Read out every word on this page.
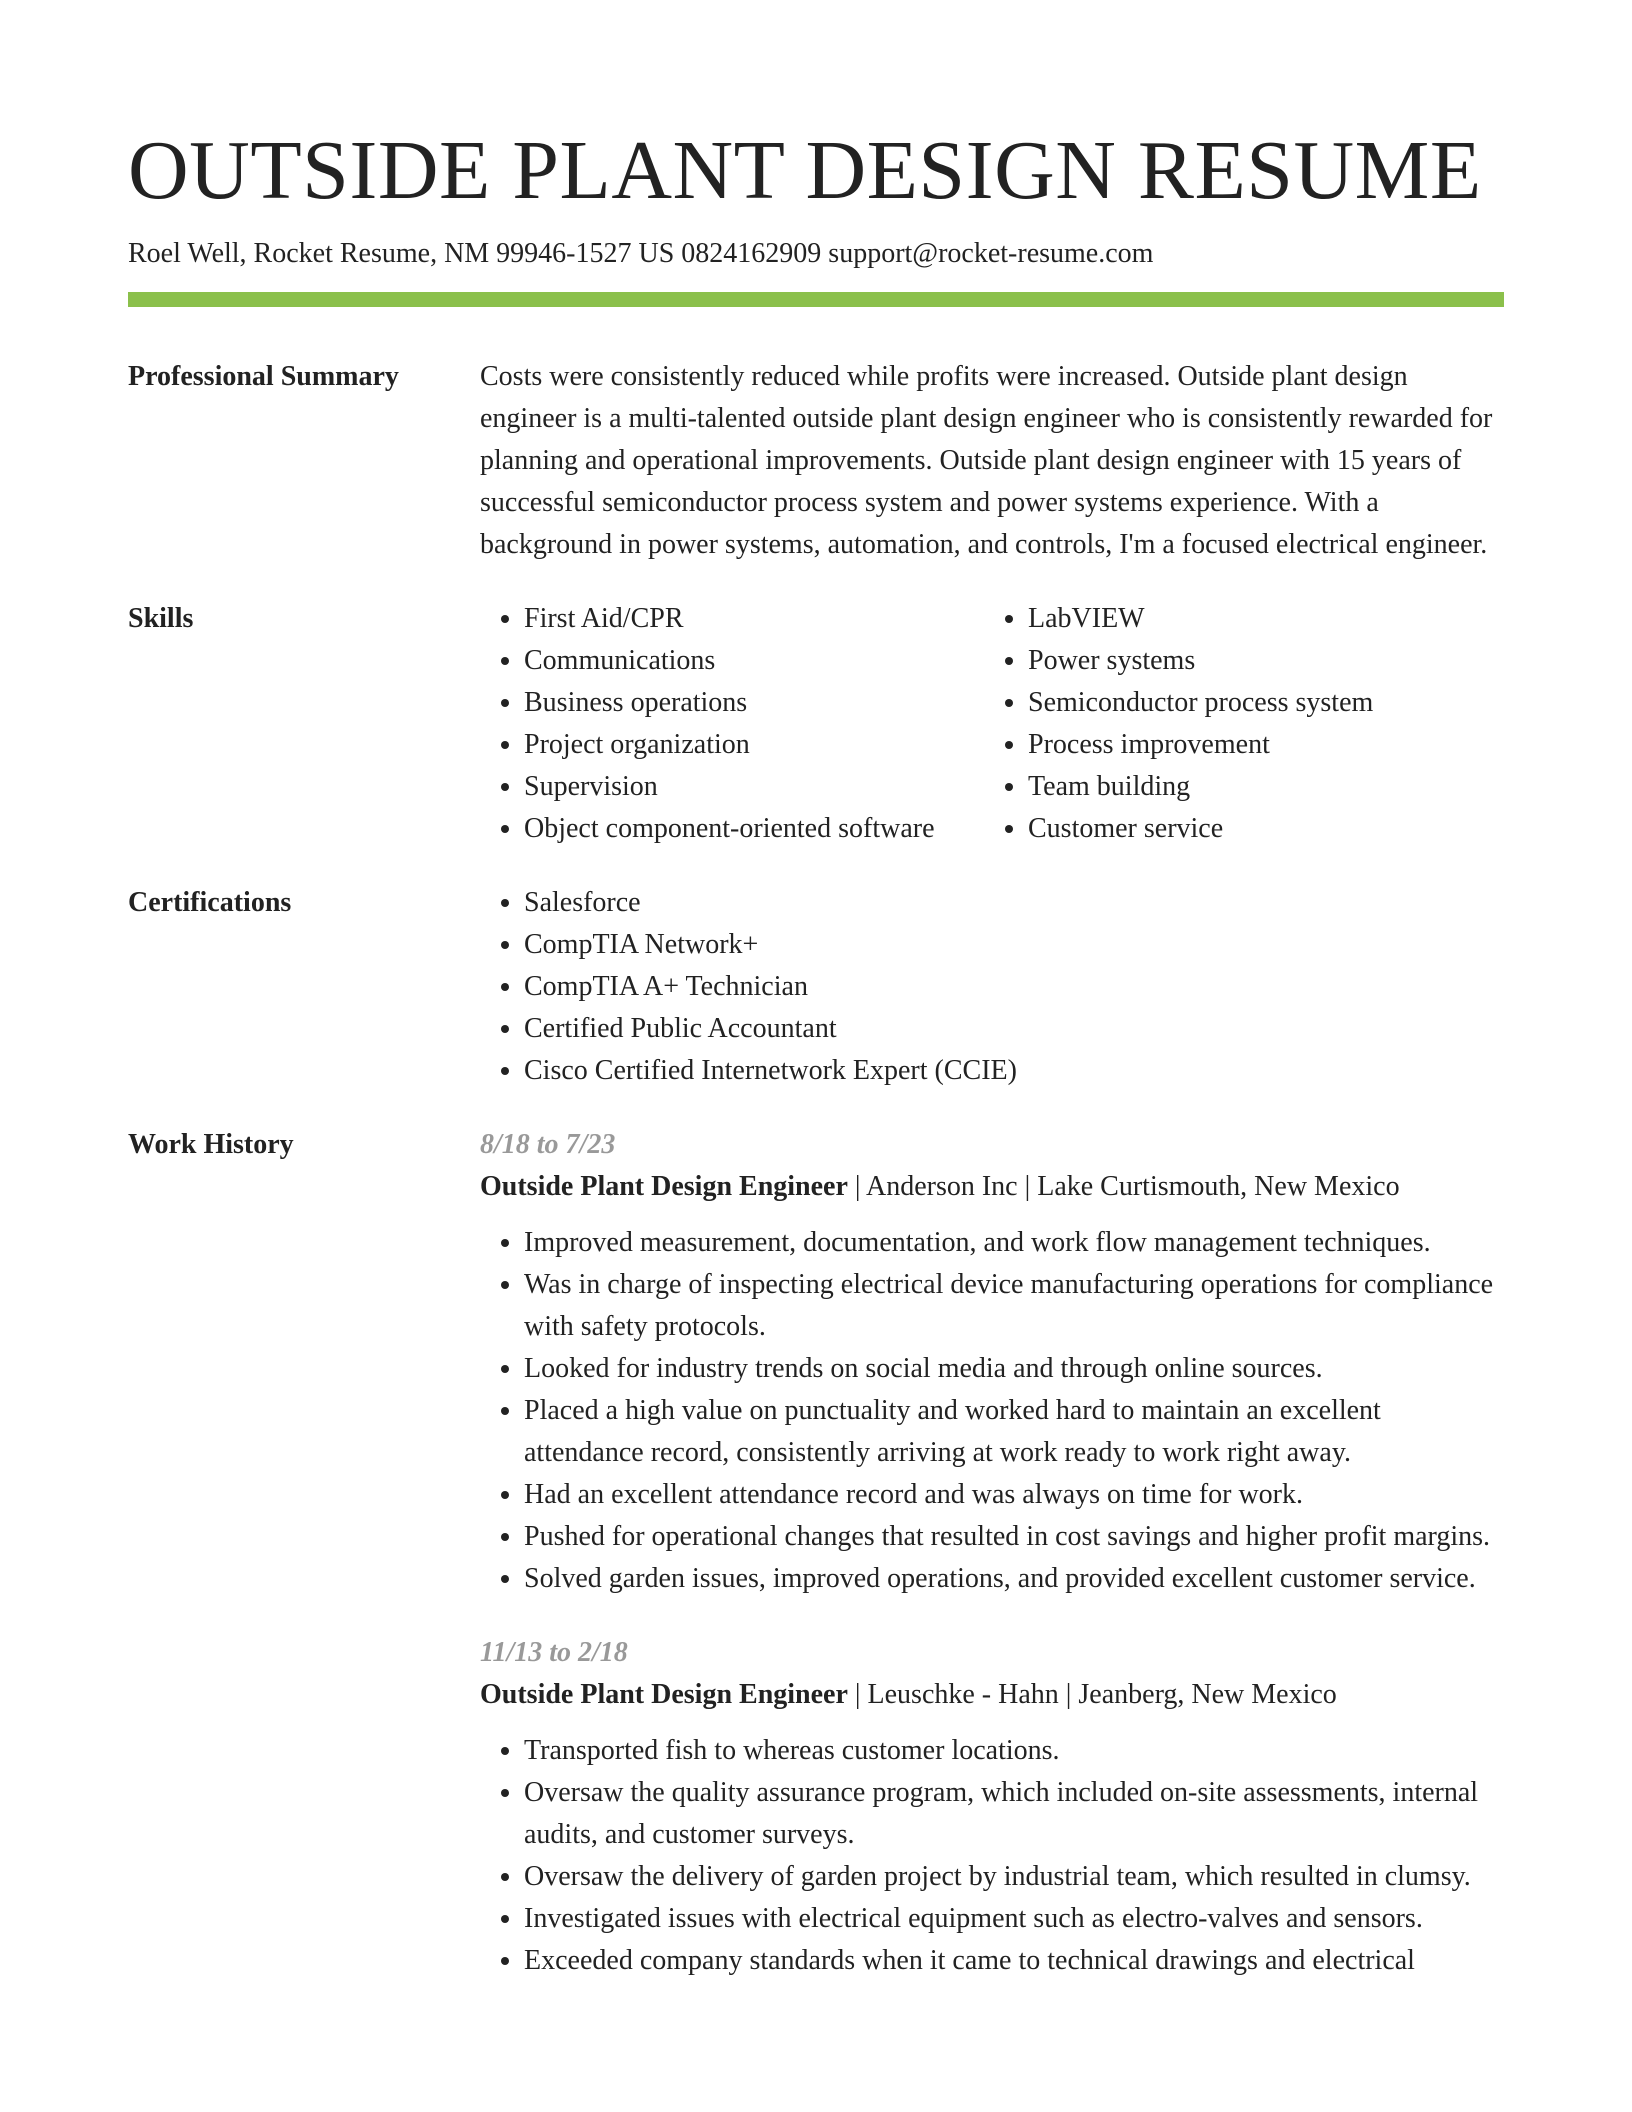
OUTSIDE PLANT DESIGN RESUME
Roel Well, Rocket Resume, NM 99946-1527 US 0824162909 support@rocket-resume.com
Professional Summary	Costs were consistently reduced while profits were increased. Outside plant design engineer is a multi-talented outside plant design engineer who is consistently rewarded for planning and operational improvements. Outside plant design engineer with 15 years of successful semiconductor process system and power systems experience. With a background in power systems, automation, and controls, I'm a focused electrical engineer.
Skills	• First Aid/CPR
• Communications
• Business operations
• Project organization
• Supervision
• Object component-oriented software
• LabVIEW
• Power systems
• Semiconductor process system
• Process improvement
• Team building
• Customer service
Certifications	• Salesforce
• CompTIA Network+
• CompTIA A+ Technician
• Certified Public Accountant
• Cisco Certified Internetwork Expert (CCIE)
Work History	8/18 to 7/23
Outside Plant Design Engineer | Anderson Inc | Lake Curtismouth, New Mexico
• Improved measurement, documentation, and work flow management techniques.
• Was in charge of inspecting electrical device manufacturing operations for compliance with safety protocols.
• Looked for industry trends on social media and through online sources.
• Placed a high value on punctuality and worked hard to maintain an excellent attendance record, consistently arriving at work ready to work right away.
• Had an excellent attendance record and was always on time for work.
• Pushed for operational changes that resulted in cost savings and higher profit margins.
• Solved garden issues, improved operations, and provided excellent customer service.
11/13 to 2/18
Outside Plant Design Engineer | Leuschke - Hahn | Jeanberg, New Mexico
• Transported fish to whereas customer locations.
• Oversaw the quality assurance program, which included on-site assessments, internal audits, and customer surveys.
• Oversaw the delivery of garden project by industrial team, which resulted in clumsy.
• Investigated issues with electrical equipment such as electro-valves and sensors.
• Exceeded company standards when it came to technical drawings and electrical
